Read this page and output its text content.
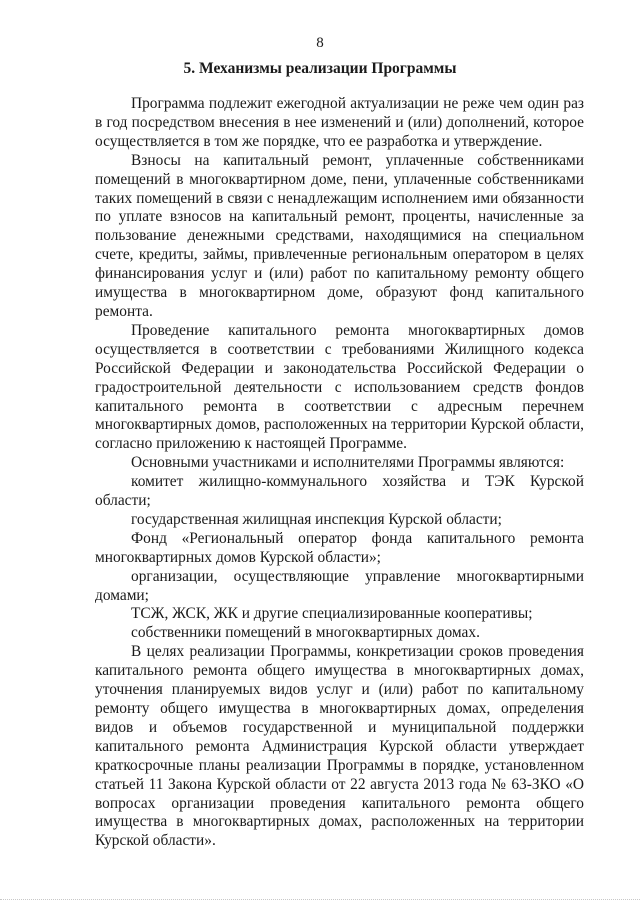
8
5. Механизмы реализации Программы

Программа подлежит ежегодной актуализации не реже чем один раз в год посредством внесения в нее изменений и (или) дополнений, которое осуществляется в том же порядке, что ее разработка и утверждение.

Взносы на капитальный ремонт, уплаченные собственниками помещений в многоквартирном доме, пени, уплаченные собственниками таких помещений в связи с ненадлежащим исполнением ими обязанности по уплате взносов на капитальный ремонт, проценты, начисленные за пользование денежными средствами, находящимися на специальном счете, кредиты, займы, привлеченные региональным оператором в целях финансирования услуг и (или) работ по капитальному ремонту общего имущества в многоквартирном доме, образуют фонд капитального ремонта.

Проведение капитального ремонта многоквартирных домов осуществляется в соответствии с требованиями Жилищного кодекса Российской Федерации и законодательства Российской Федерации о градостроительной деятельности с использованием средств фондов капитального ремонта в соответствии с адресным перечнем многоквартирных домов, расположенных на территории Курской области, согласно приложению к настоящей Программе.

Основными участниками и исполнителями Программы являются:

комитет жилищно-коммунального хозяйства и ТЭК Курской области;

государственная жилищная инспекция Курской области;

Фонд «Региональный оператор фонда капитального ремонта многоквартирных домов Курской области»;

организации, осуществляющие управление многоквартирными домами;

ТСЖ, ЖСК, ЖК и другие специализированные кооперативы;

собственники помещений в многоквартирных домах.

В целях реализации Программы, конкретизации сроков проведения капитального ремонта общего имущества в многоквартирных домах, уточнения планируемых видов услуг и (или) работ по капитальному ремонту общего имущества в многоквартирных домах, определения видов и объемов государственной и муниципальной поддержки капитального ремонта Администрация Курской области утверждает краткосрочные планы реализации Программы в порядке, установленном статьей 11 Закона Курской области от 22 августа 2013 года № 63-ЗКО «О вопросах организации проведения капитального ремонта общего имущества в многоквартирных домах, расположенных на территории Курской области».
